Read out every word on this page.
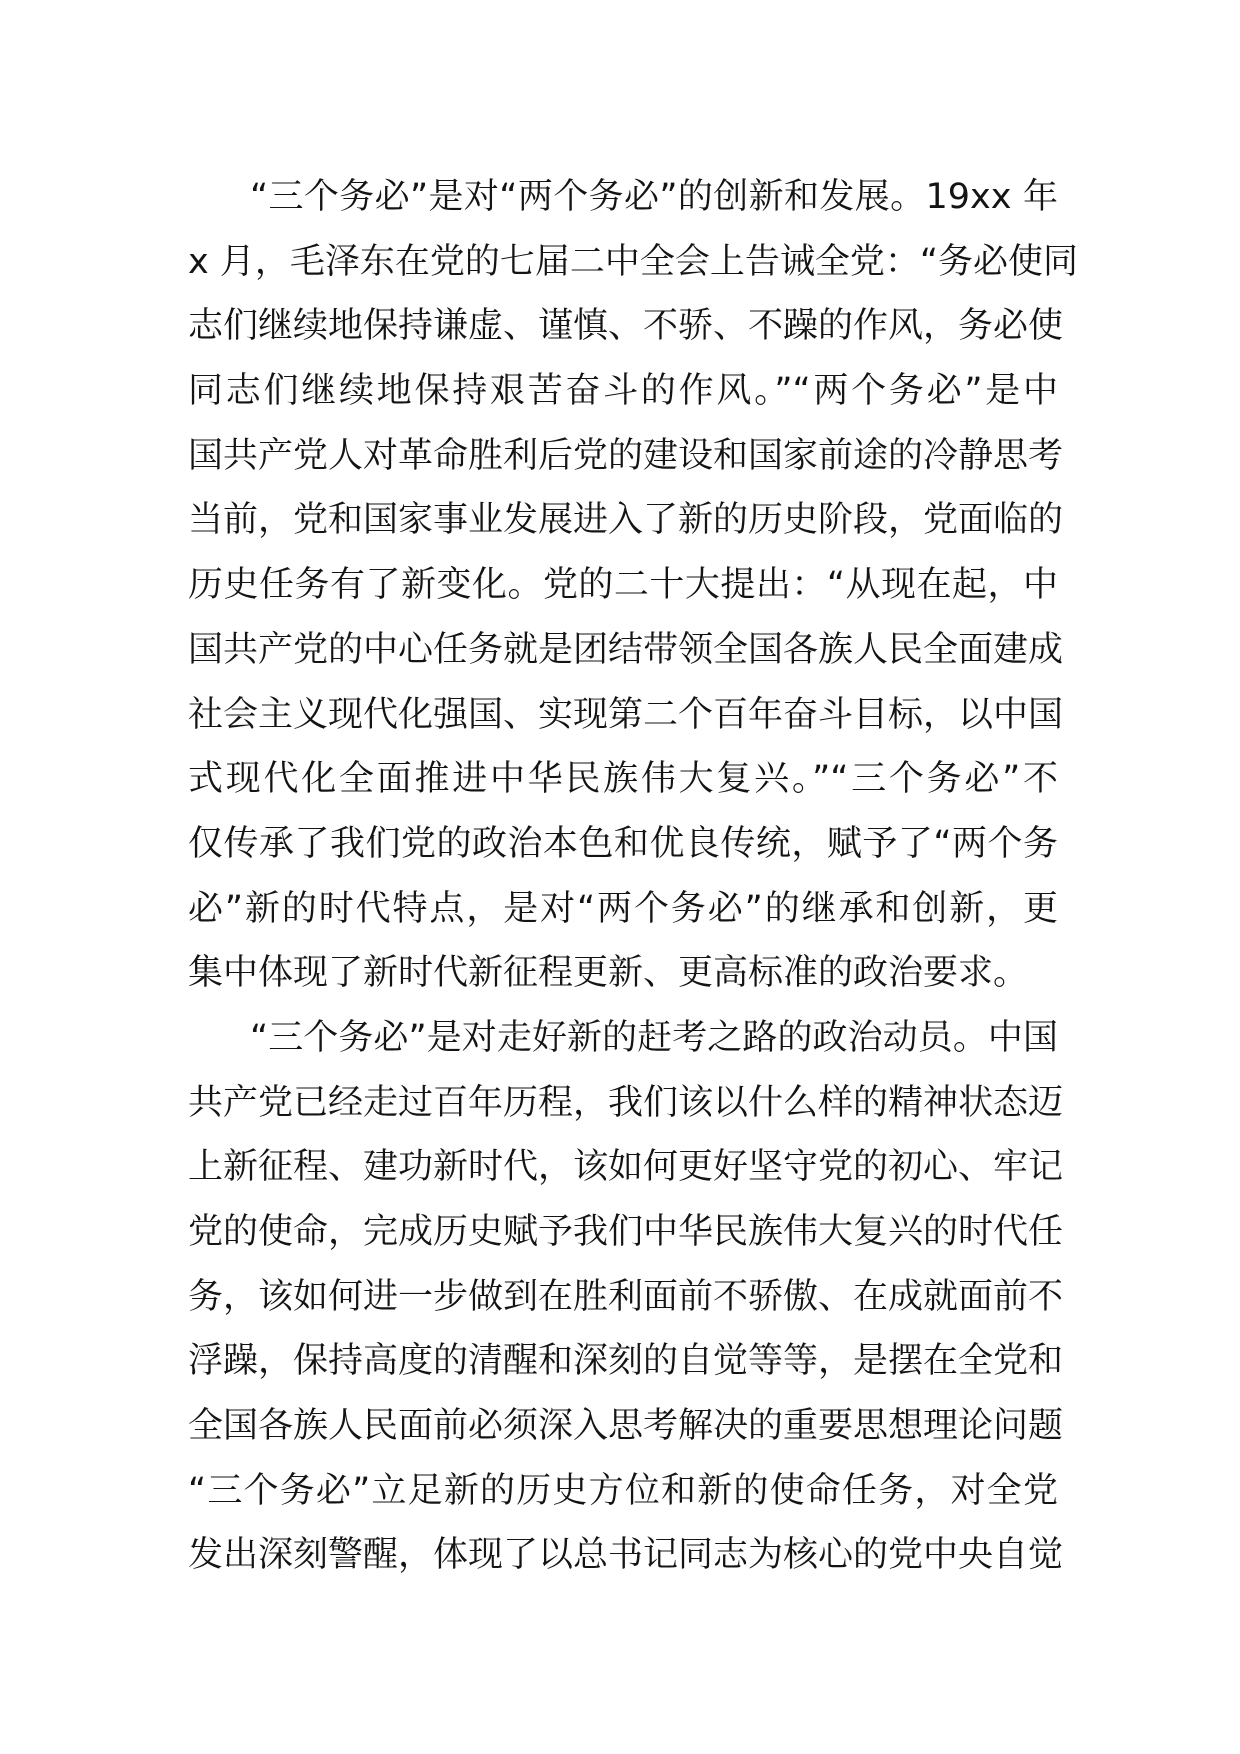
“三个务必”是对“两个务必”的创新和发展。19xx 年
x 月，毛泽东在党的七届二中全会上告诫全党：“务必使同
志们继续地保持谦虚、谨慎、不骄、不躁的作风，务必使
同志们继续地保持艰苦奋斗的作风。”“两个务必”是中
国共产党人对革命胜利后党的建设和国家前途的冷静思考
当前，党和国家事业发展进入了新的历史阶段，党面临的
历史任务有了新变化。党的二十大提出：“从现在起，中
国共产党的中心任务就是团结带领全国各族人民全面建成
社会主义现代化强国、实现第二个百年奋斗目标，以中国
式现代化全面推进中华民族伟大复兴。”“三个务必”不
仅传承了我们党的政治本色和优良传统，赋予了“两个务
必”新的时代特点，是对“两个务必”的继承和创新，更
集中体现了新时代新征程更新、更高标准的政治要求。
“三个务必”是对走好新的赶考之路的政治动员。中国
共产党已经走过百年历程，我们该以什么样的精神状态迈
上新征程、建功新时代，该如何更好坚守党的初心、牢记
党的使命，完成历史赋予我们中华民族伟大复兴的时代任
务，该如何进一步做到在胜利面前不骄傲、在成就面前不
浮躁，保持高度的清醒和深刻的自觉等等，是摆在全党和
全国各族人民面前必须深入思考解决的重要思想理论问题
“三个务必”立足新的历史方位和新的使命任务，对全党
发出深刻警醒，体现了以总书记同志为核心的党中央自觉
